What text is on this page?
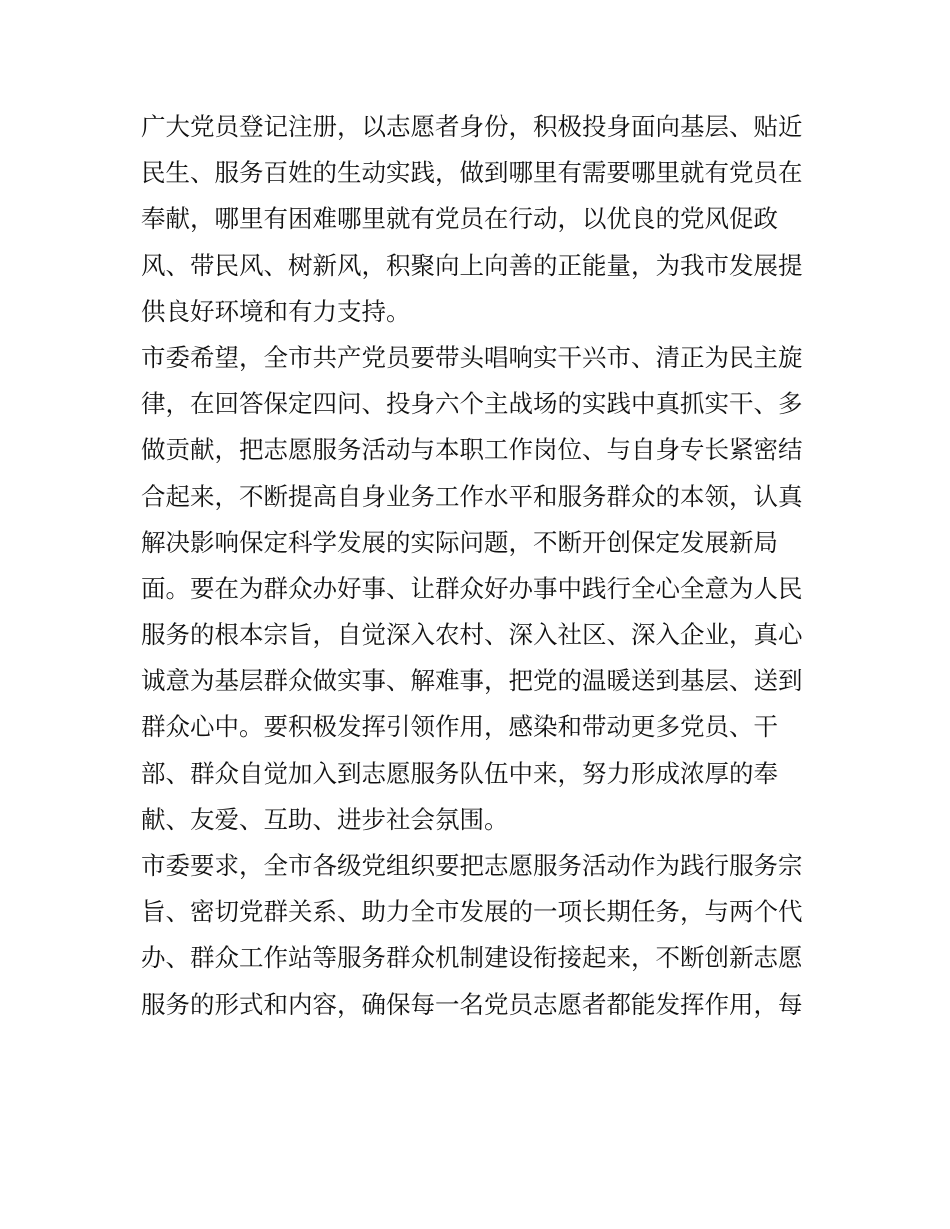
广大党员登记注册，以志愿者身份，积极投身面向基层、贴近
民生、服务百姓的生动实践，做到哪里有需要哪里就有党员在
奉献，哪里有困难哪里就有党员在行动，以优良的党风促政
风、带民风、树新风，积聚向上向善的正能量，为我市发展提
供良好环境和有力支持。
市委希望，全市共产党员要带头唱响实干兴市、清正为民主旋
律，在回答保定四问、投身六个主战场的实践中真抓实干、多
做贡献，把志愿服务活动与本职工作岗位、与自身专长紧密结
合起来，不断提高自身业务工作水平和服务群众的本领，认真
解决影响保定科学发展的实际问题，不断开创保定发展新局
面。要在为群众办好事、让群众好办事中践行全心全意为人民
服务的根本宗旨，自觉深入农村、深入社区、深入企业，真心
诚意为基层群众做实事、解难事，把党的温暖送到基层、送到
群众心中。要积极发挥引领作用，感染和带动更多党员、干
部、群众自觉加入到志愿服务队伍中来，努力形成浓厚的奉
献、友爱、互助、进步社会氛围。
市委要求，全市各级党组织要把志愿服务活动作为践行服务宗
旨、密切党群关系、助力全市发展的一项长期任务，与两个代
办、群众工作站等服务群众机制建设衔接起来，不断创新志愿
服务的形式和内容，确保每一名党员志愿者都能发挥作用，每
